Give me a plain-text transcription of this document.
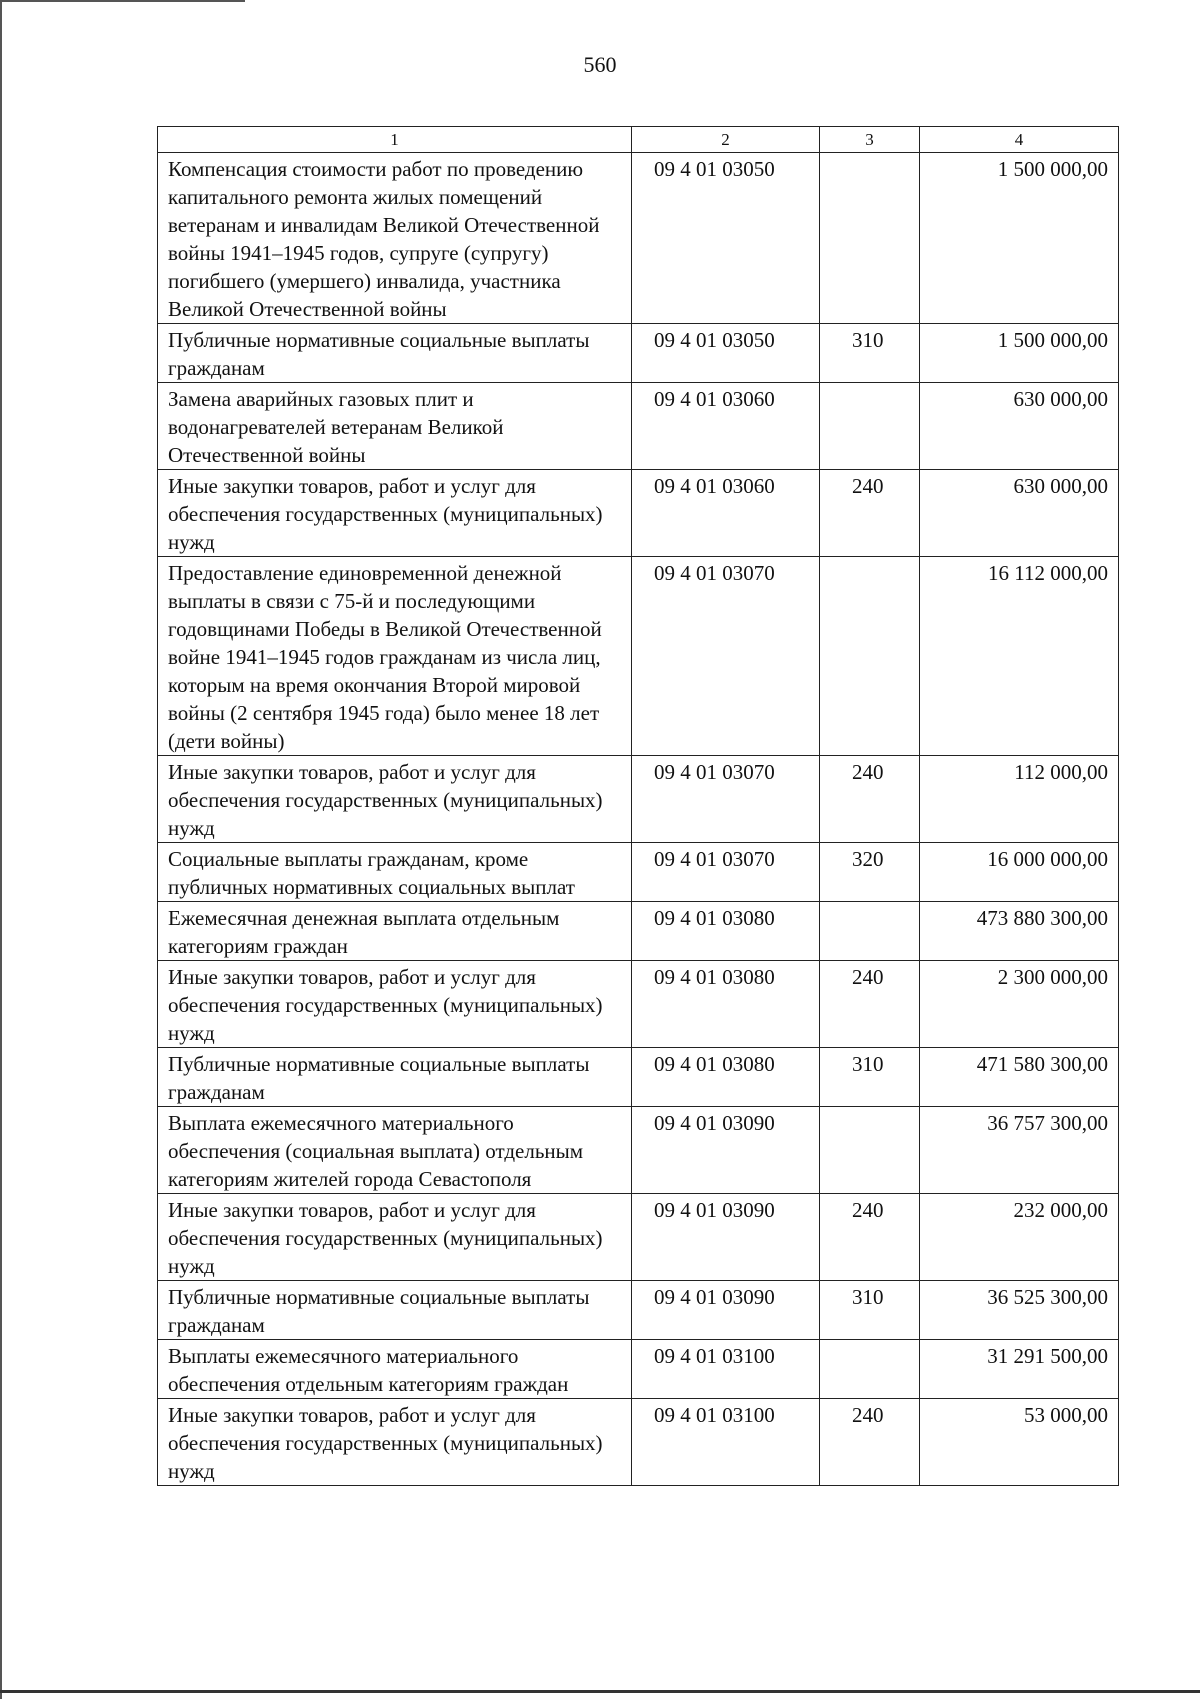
560
1	2	3	4
Компенсация стоимости работ по проведению капитального ремонта жилых помещений ветеранам и инвалидам Великой Отечественной войны 1941–1945 годов, супруге (супругу) погибшего (умершего) инвалида, участника Великой Отечественной войны	09 4 01 03050		1 500 000,00
Публичные нормативные социальные выплаты гражданам	09 4 01 03050	310	1 500 000,00
Замена аварийных газовых плит и водонагревателей ветеранам Великой Отечественной войны	09 4 01 03060		630 000,00
Иные закупки товаров, работ и услуг для обеспечения государственных (муниципальных) нужд	09 4 01 03060	240	630 000,00
Предоставление единовременной денежной выплаты в связи с 75-й и последующими годовщинами Победы в Великой Отечественной войне 1941–1945 годов гражданам из числа лиц, которым на время окончания Второй мировой войны (2 сентября 1945 года) было менее 18 лет (дети войны)	09 4 01 03070		16 112 000,00
Иные закупки товаров, работ и услуг для обеспечения государственных (муниципальных) нужд	09 4 01 03070	240	112 000,00
Социальные выплаты гражданам, кроме публичных нормативных социальных выплат	09 4 01 03070	320	16 000 000,00
Ежемесячная денежная выплата отдельным категориям граждан	09 4 01 03080		473 880 300,00
Иные закупки товаров, работ и услуг для обеспечения государственных (муниципальных) нужд	09 4 01 03080	240	2 300 000,00
Публичные нормативные социальные выплаты гражданам	09 4 01 03080	310	471 580 300,00
Выплата ежемесячного материального обеспечения (социальная выплата) отдельным категориям жителей города Севастополя	09 4 01 03090		36 757 300,00
Иные закупки товаров, работ и услуг для обеспечения государственных (муниципальных) нужд	09 4 01 03090	240	232 000,00
Публичные нормативные социальные выплаты гражданам	09 4 01 03090	310	36 525 300,00
Выплаты ежемесячного материального обеспечения отдельным категориям граждан	09 4 01 03100		31 291 500,00
Иные закупки товаров, работ и услуг для обеспечения государственных (муниципальных) нужд	09 4 01 03100	240	53 000,00
